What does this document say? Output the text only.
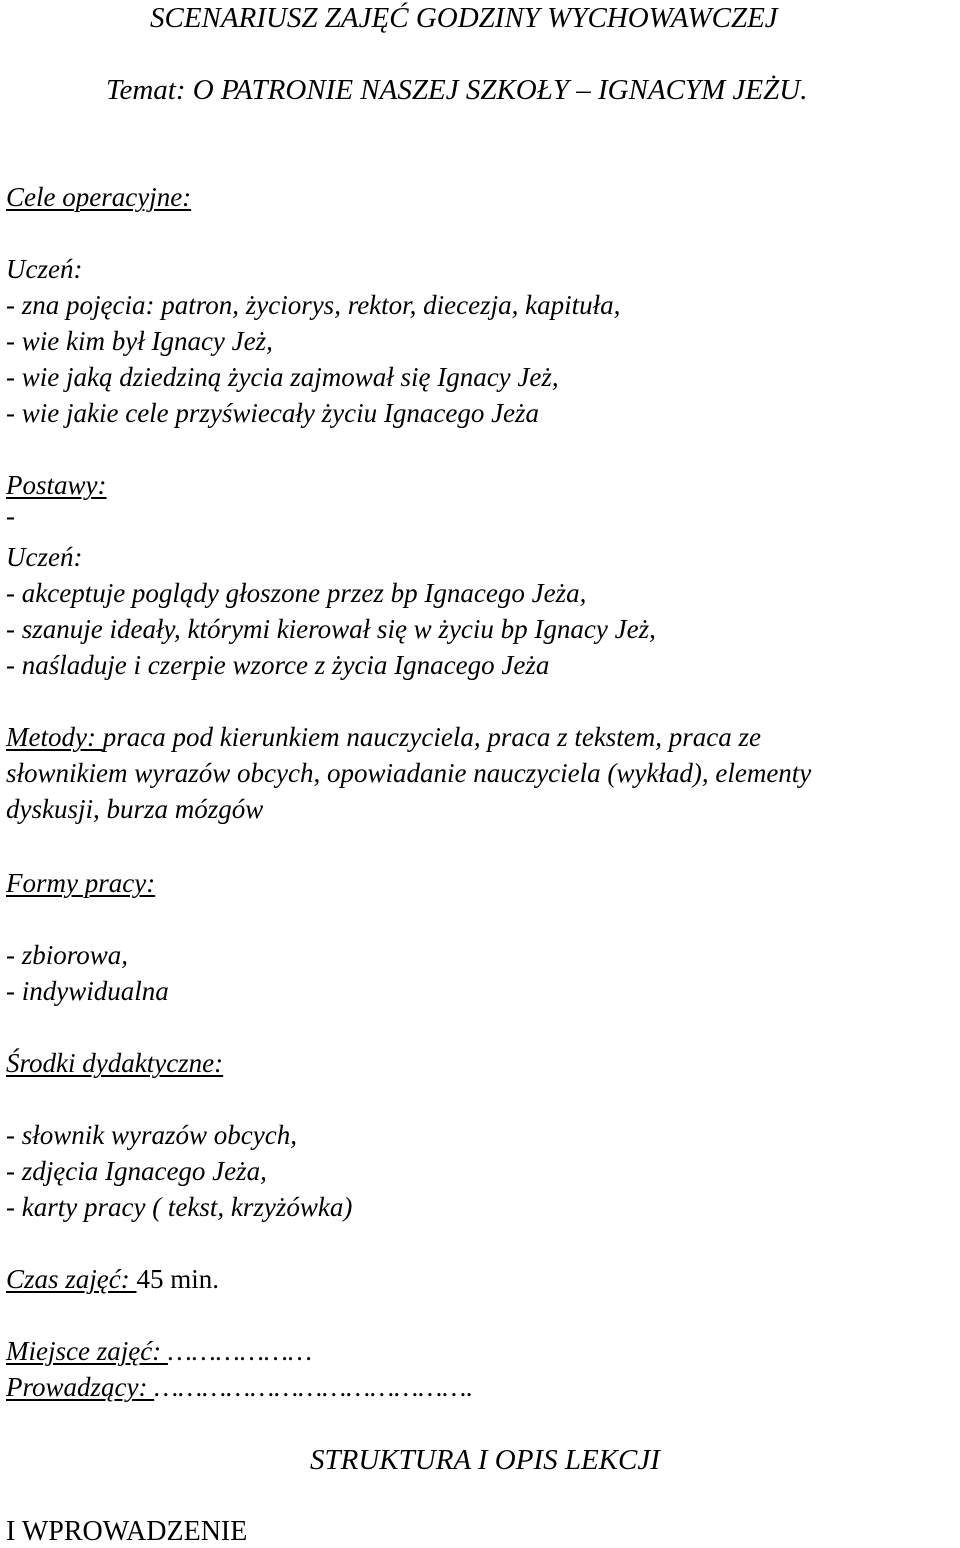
SCENARIUSZ ZAJĘĆ GODZINY WYCHOWAWCZEJ
Temat: O PATRONIE NASZEJ SZKOŁY – IGNACYM JEŻU.
Cele operacyjne:
Uczeń:
- zna pojęcia: patron, życiorys, rektor, diecezja, kapituła,
- wie kim był Ignacy Jeż,
- wie jaką dziedziną życia zajmował się Ignacy Jeż,
- wie jakie cele przyświecały życiu Ignacego Jeża
Postawy:
-
Uczeń:
- akceptuje poglądy głoszone przez bp Ignacego Jeża,
- szanuje ideały, którymi kierował się w życiu bp Ignacy Jeż,
- naśladuje i czerpie wzorce z życia Ignacego Jeża
Metody: praca pod kierunkiem nauczyciela, praca z tekstem, praca ze
słownikiem wyrazów obcych, opowiadanie nauczyciela (wykład), elementy
dyskusji, burza mózgów
Formy pracy:
- zbiorowa,
- indywidualna
Środki dydaktyczne:
- słownik wyrazów obcych,
- zdjęcia Ignacego Jeża,
- karty pracy ( tekst, krzyżówka)
Czas zajęć: 45 min.
Miejsce zajęć: ………………
Prowadzący: ………………………………….
STRUKTURA I OPIS LEKCJI
I WPROWADZENIE
